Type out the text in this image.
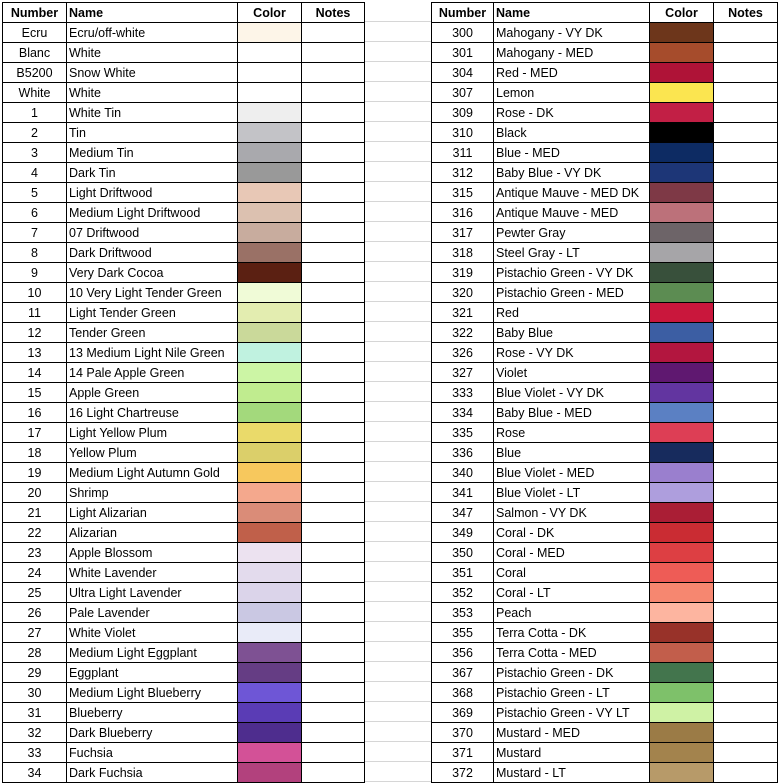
Number	Name	Color	Notes
Ecru	Ecru/off-white		
Blanc	White		
B5200	Snow White		
White	White		
1	White Tin		
2	Tin		
3	Medium Tin		
4	Dark Tin		
5	Light Driftwood		
6	Medium Light Driftwood		
7	07 Driftwood		
8	Dark Driftwood		
9	Very Dark Cocoa		
10	10 Very Light Tender Green		
11	Light Tender Green		
12	Tender Green		
13	13 Medium Light Nile Green		
14	14 Pale Apple Green		
15	Apple Green		
16	16 Light Chartreuse		
17	Light Yellow Plum		
18	Yellow Plum		
19	Medium Light Autumn Gold		
20	Shrimp		
21	Light Alizarian		
22	Alizarian		
23	Apple Blossom		
24	White Lavender		
25	Ultra Light Lavender		
26	Pale Lavender		
27	White Violet		
28	Medium Light Eggplant		
29	Eggplant		
30	Medium Light Blueberry		
31	Blueberry		
32	Dark Blueberry		
33	Fuchsia		
34	Dark Fuchsia		
Number	Name	Color	Notes
300	Mahogany - VY DK		
301	Mahogany - MED		
304	Red - MED		
307	Lemon		
309	Rose - DK		
310	Black		
311	Blue - MED		
312	Baby Blue - VY DK		
315	Antique Mauve - MED DK		
316	Antique Mauve - MED		
317	Pewter Gray		
318	Steel Gray - LT		
319	Pistachio Green - VY DK		
320	Pistachio Green - MED		
321	Red		
322	Baby Blue		
326	Rose - VY DK		
327	Violet		
333	Blue Violet - VY DK		
334	Baby Blue - MED		
335	Rose		
336	Blue		
340	Blue Violet - MED		
341	Blue Violet - LT		
347	Salmon - VY DK		
349	Coral - DK		
350	Coral - MED		
351	Coral		
352	Coral - LT		
353	Peach		
355	Terra Cotta - DK		
356	Terra Cotta - MED		
367	Pistachio Green - DK		
368	Pistachio Green - LT		
369	Pistachio Green - VY LT		
370	Mustard - MED		
371	Mustard		
372	Mustard - LT		
